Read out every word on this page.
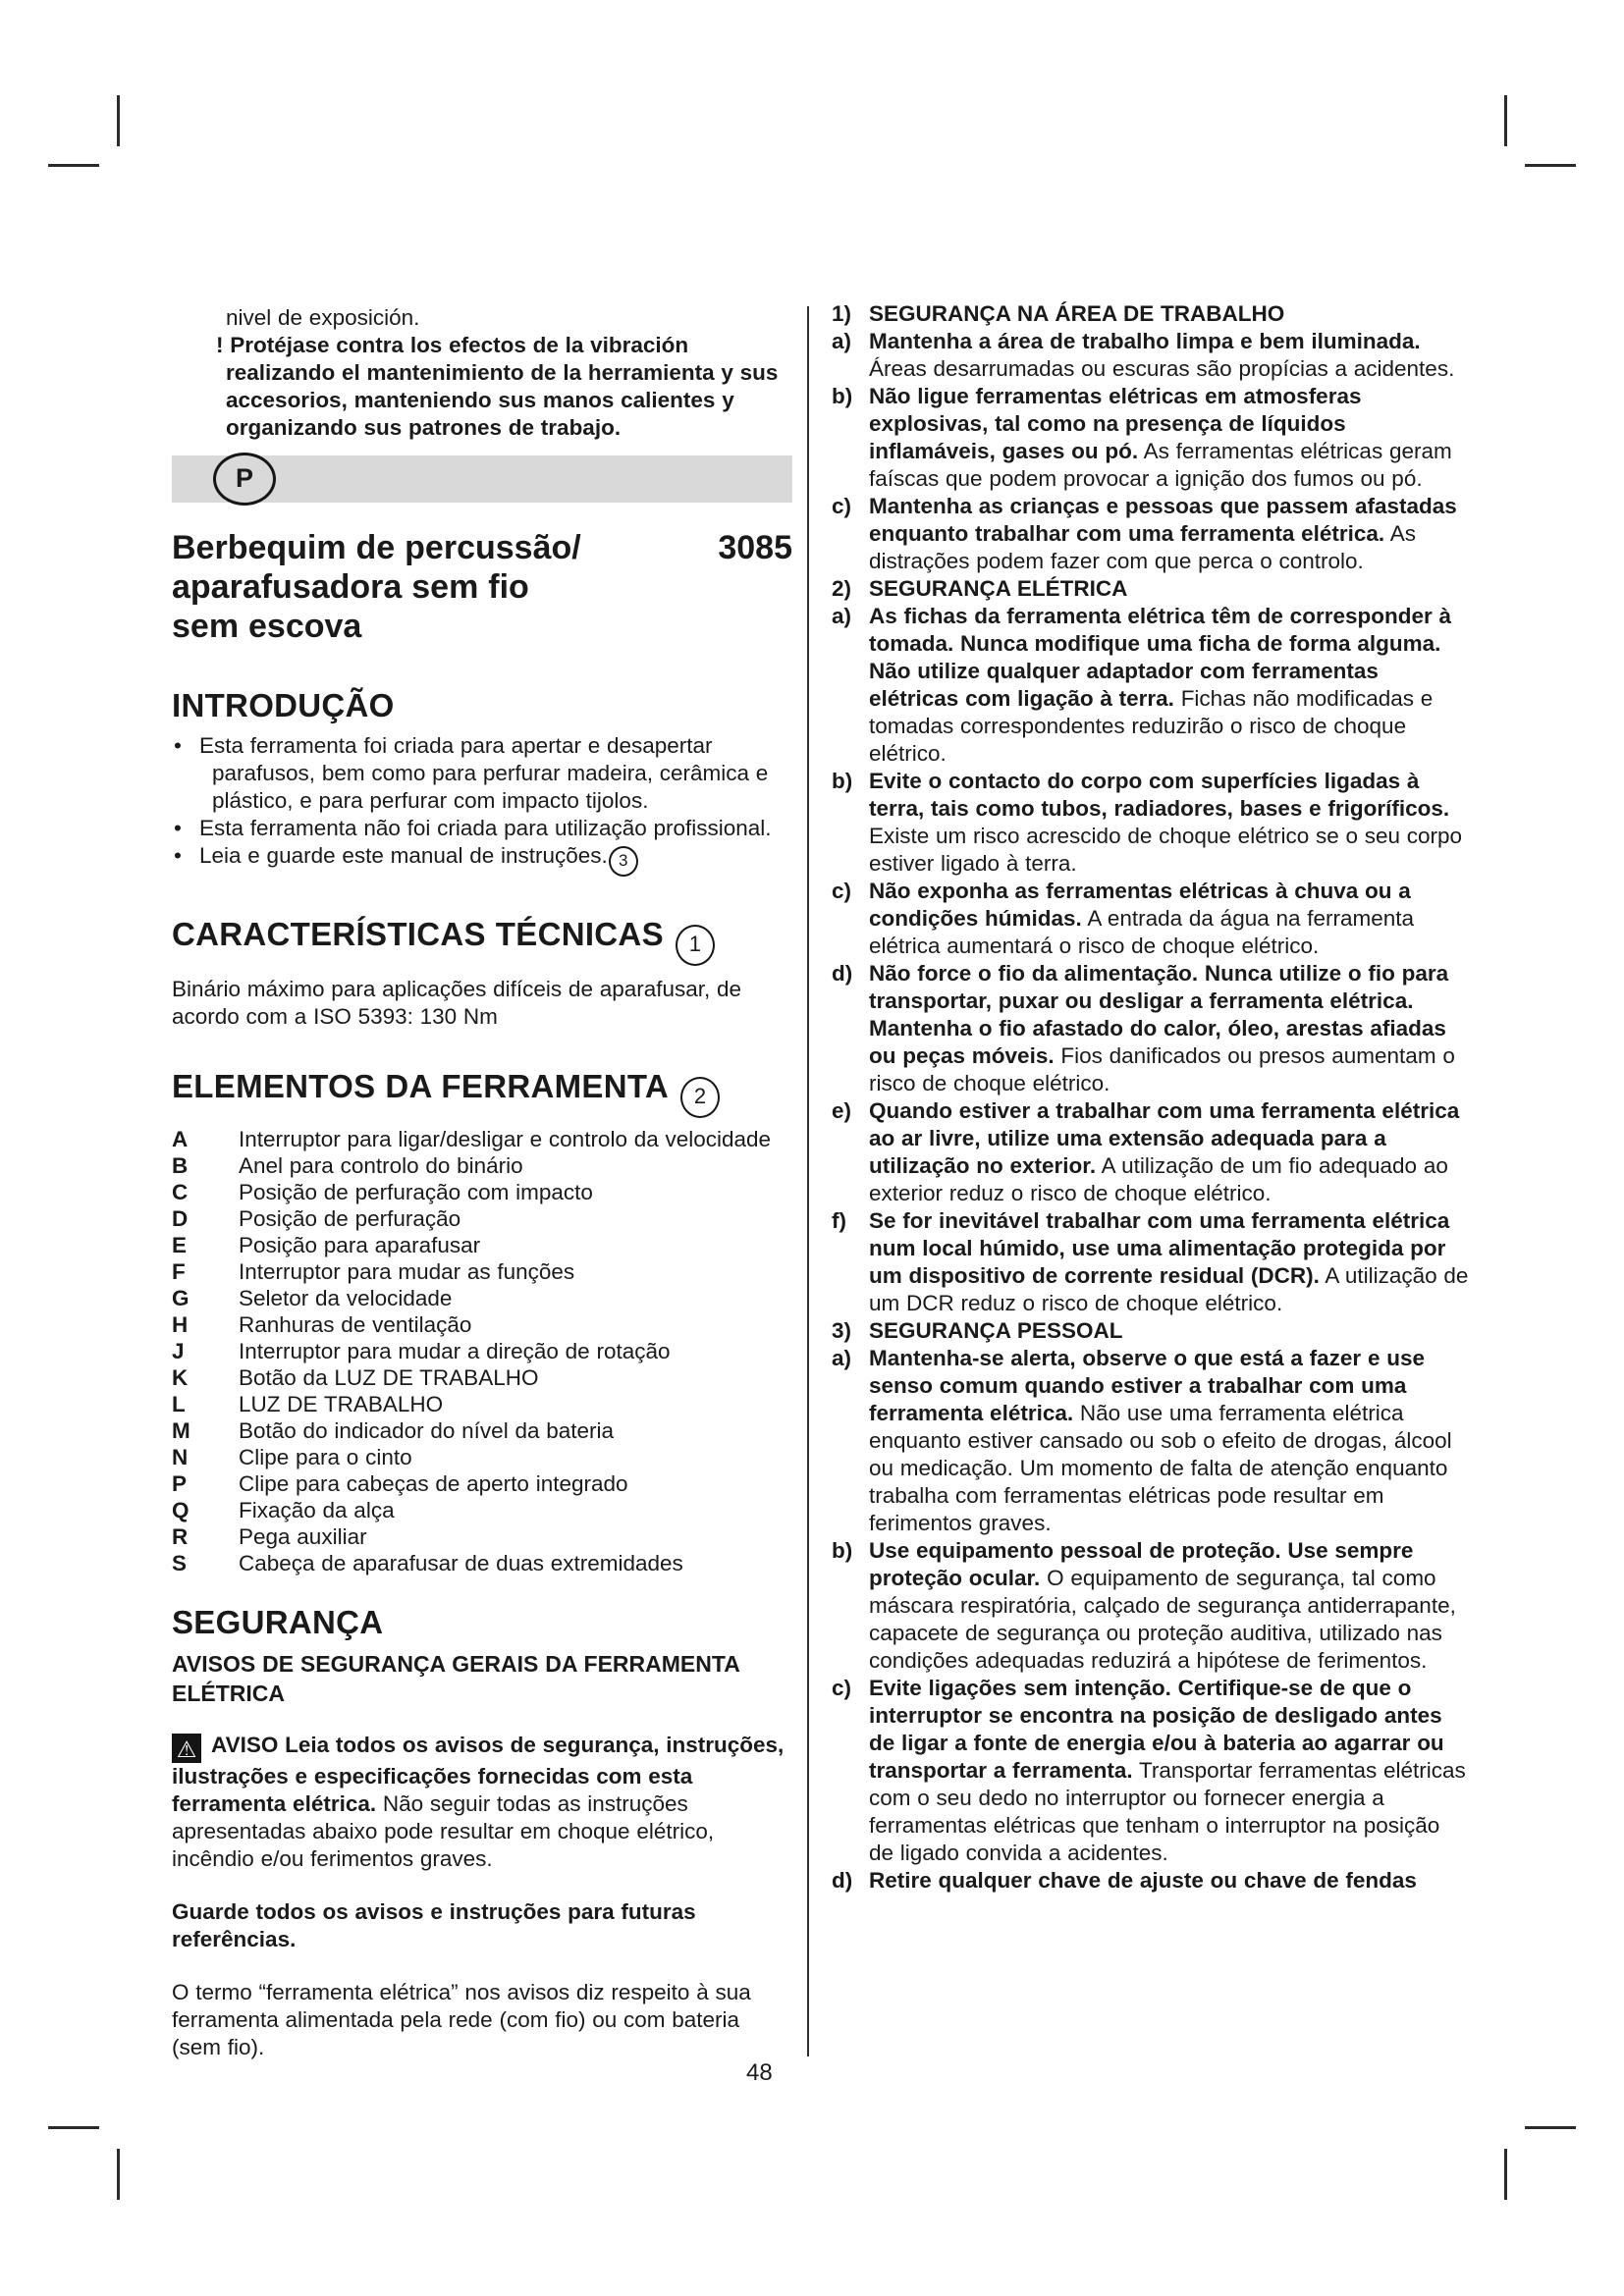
nivel de exposición.

! Protéjase contra los efectos de la vibración realizando el mantenimiento de la herramienta y sus accesorios, manteniendo sus manos calientes y organizando sus patrones de trabajo.

P
Berbequim de percussão/	3085
aparafusadora sem fio
sem escova
INTRODUÇÃO
• Esta ferramenta foi criada para apertar e desapertar parafusos, bem como para perfurar madeira, cerâmica e plástico, e para perfurar com impacto tijolos.
• Esta ferramenta não foi criada para utilização profissional.
• Leia e guarde este manual de instruções. 3
CARACTERÍSTICAS TÉCNICAS 1

Binário máximo para aplicações difíceis de aparafusar, de acordo com a ISO 5393: 130 Nm

ELEMENTOS DA FERRAMENTA 2
A	Interruptor para ligar/desligar e controlo da velocidade
B	Anel para controlo do binário
C	Posição de perfuração com impacto
D	Posição de perfuração
E	Posição para aparafusar
F	Interruptor para mudar as funções
G	Seletor da velocidade
H	Ranhuras de ventilação
J	Interruptor para mudar a direção de rotação
K	Botão da LUZ DE TRABALHO
L	LUZ DE TRABALHO
M	Botão do indicador do nível da bateria
N	Clipe para o cinto
P	Clipe para cabeças de aperto integrado
Q	Fixação da alça
R	Pega auxiliar
S	Cabeça de aparafusar de duas extremidades
SEGURANÇA
AVISOS DE SEGURANÇA GERAIS DA FERRAMENTA ELÉTRICA

⚠ AVISO Leia todos os avisos de segurança, instruções, ilustrações e especificações fornecidas com esta ferramenta elétrica. Não seguir todas as instruções apresentadas abaixo pode resultar em choque elétrico, incêndio e/ou ferimentos graves.

Guarde todos os avisos e instruções para futuras referências.

O termo “ferramenta elétrica” nos avisos diz respeito à sua ferramenta alimentada pela rede (com fio) ou com bateria (sem fio).

1) SEGURANÇA NA ÁREA DE TRABALHO

a) Mantenha a área de trabalho limpa e bem iluminada. Áreas desarrumadas ou escuras são propícias a acidentes.

b) Não ligue ferramentas elétricas em atmosferas explosivas, tal como na presença de líquidos inflamáveis, gases ou pó. As ferramentas elétricas geram faíscas que podem provocar a ignição dos fumos ou pó.

c) Mantenha as crianças e pessoas que passem afastadas enquanto trabalhar com uma ferramenta elétrica. As distrações podem fazer com que perca o controlo.

2) SEGURANÇA ELÉTRICA

a) As fichas da ferramenta elétrica têm de corresponder à tomada. Nunca modifique uma ficha de forma alguma. Não utilize qualquer adaptador com ferramentas elétricas com ligação à terra. Fichas não modificadas e tomadas correspondentes reduzirão o risco de choque elétrico.

b) Evite o contacto do corpo com superfícies ligadas à terra, tais como tubos, radiadores, bases e frigoríficos. Existe um risco acrescido de choque elétrico se o seu corpo estiver ligado à terra.

c) Não exponha as ferramentas elétricas à chuva ou a condições húmidas. A entrada da água na ferramenta elétrica aumentará o risco de choque elétrico.

d) Não force o fio da alimentação. Nunca utilize o fio para transportar, puxar ou desligar a ferramenta elétrica. Mantenha o fio afastado do calor, óleo, arestas afiadas ou peças móveis. Fios danificados ou presos aumentam o risco de choque elétrico.

e) Quando estiver a trabalhar com uma ferramenta elétrica ao ar livre, utilize uma extensão adequada para a utilização no exterior. A utilização de um fio adequado ao exterior reduz o risco de choque elétrico.

f) Se for inevitável trabalhar com uma ferramenta elétrica num local húmido, use uma alimentação protegida por um dispositivo de corrente residual (DCR). A utilização de um DCR reduz o risco de choque elétrico.

3) SEGURANÇA PESSOAL

a) Mantenha-se alerta, observe o que está a fazer e use senso comum quando estiver a trabalhar com uma ferramenta elétrica. Não use uma ferramenta elétrica enquanto estiver cansado ou sob o efeito de drogas, álcool ou medicação. Um momento de falta de atenção enquanto trabalha com ferramentas elétricas pode resultar em ferimentos graves.

b) Use equipamento pessoal de proteção. Use sempre proteção ocular. O equipamento de segurança, tal como máscara respiratória, calçado de segurança antiderrapante, capacete de segurança ou proteção auditiva, utilizado nas condições adequadas reduzirá a hipótese de ferimentos.

c) Evite ligações sem intenção. Certifique-se de que o interruptor se encontra na posição de desligado antes de ligar a fonte de energia e/ou à bateria ao agarrar ou transportar a ferramenta. Transportar ferramentas elétricas com o seu dedo no interruptor ou fornecer energia a ferramentas elétricas que tenham o interruptor na posição de ligado convida a acidentes.

d) Retire qualquer chave de ajuste ou chave de fendas

48
